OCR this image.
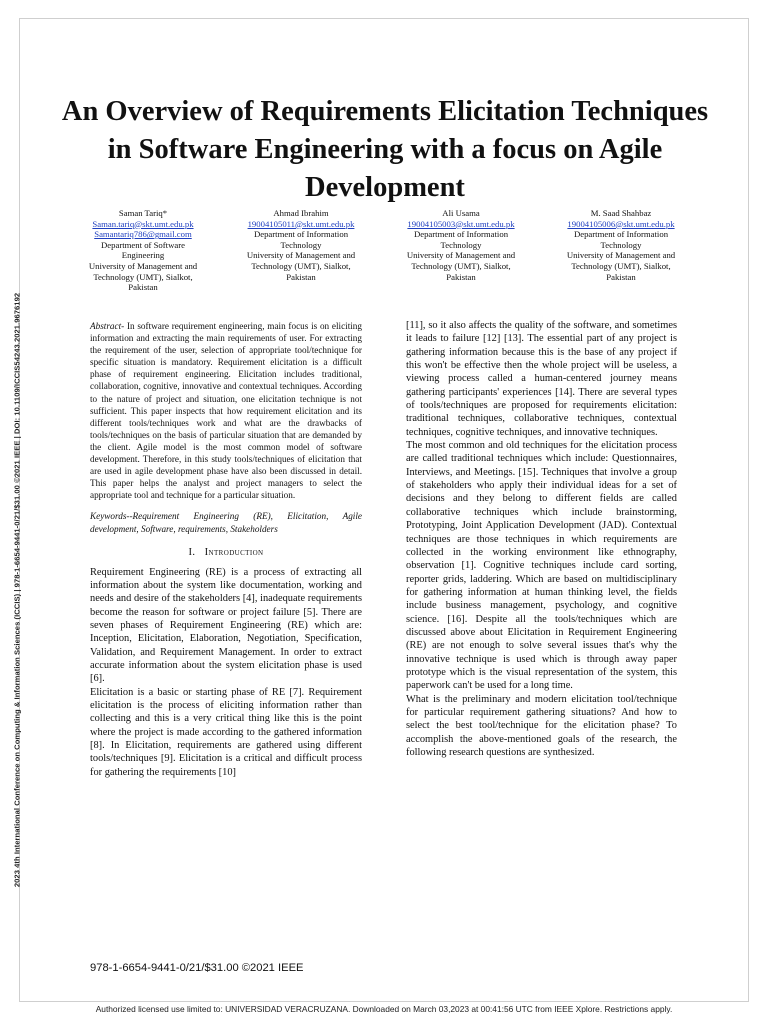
2023 4th International Conference on Computing & Information Sciences (ICCIS) | 978-1-6654-9441-0/21/$31.00 ©2021 IEEE | DOI: 10.1109/ICCIS54243.2021.9676192
An Overview of Requirements Elicitation Techniques in Software Engineering with a focus on Agile Development
Saman Tariq*
Saman.tariq@skt.umt.edu.pk
Samantariq786@gmail.com
Department of Software
Engineering
University of Management and
Technology (UMT), Sialkot,
Pakistan
Ahmad Ibrahim
19004105011@skt.umt.edu.pk
Department of Information
Technology
University of Management and
Technology (UMT), Sialkot,
Pakistan
Ali Usama
19004105003@skt.umt.edu.pk
Department of Information
Technology
University of Management and
Technology (UMT), Sialkot,
Pakistan
M. Saad Shahbaz
19004105006@skt.umt.edu.pk
Department of Information
Technology
University of Management and
Technology (UMT), Sialkot,
Pakistan

Abstract- In software requirement engineering, main focus is on eliciting information and extracting the main requirements of user. For extracting the requirement of the user, selection of appropriate tool/technique for specific situation is mandatory. Requirement elicitation is a difficult phase of requirement engineering. Elicitation includes traditional, collaboration, cognitive, innovative and contextual techniques. According to the nature of project and situation, one elicitation technique is not sufficient. This paper inspects that how requirement elicitation and its different tools/techniques work and what are the drawbacks of tools/techniques on the basis of particular situation that are demanded by the client. Agile model is the most common model of software development. Therefore, in this study tools/techniques of elicitation that are used in agile development phase have also been discussed in detail. This paper helps the analyst and project managers to select the appropriate tool and technique for a particular situation.

Keywords--Requirement Engineering (RE), Elicitation, Agile development, Software, requirements, Stakeholders

I. Introduction

Requirement Engineering (RE) is a process of extracting all information about the system like documentation, working and needs and desire of the stakeholders [4], inadequate requirements become the reason for software or project failure [5]. There are seven phases of Requirement Engineering (RE) which are: Inception, Elicitation, Elaboration, Negotiation, Specification, Validation, and Requirement Management. In order to extract accurate information about the system elicitation phase is used [6].

Elicitation is a basic or starting phase of RE [7]. Requirement elicitation is the process of eliciting information rather than collecting and this is a very critical thing like this is the point where the project is made according to the gathered information [8]. In Elicitation, requirements are gathered using different tools/techniques [9]. Elicitation is a critical and difficult process for gathering the requirements [10]

[11], so it also affects the quality of the software, and sometimes it leads to failure [12] [13]. The essential part of any project is gathering information because this is the base of any project if this won't be effective then the whole project will be useless, a viewing process called a human-centered journey means gathering participants' experiences [14]. There are several types of tools/techniques are proposed for requirements elicitation: traditional techniques, collaborative techniques, contextual techniques, cognitive techniques, and innovative techniques.

The most common and old techniques for the elicitation process are called traditional techniques which include: Questionnaires, Interviews, and Meetings. [15]. Techniques that involve a group of stakeholders who apply their individual ideas for a set of decisions and they belong to different fields are called collaborative techniques which include brainstorming, Prototyping, Joint Application Development (JAD). Contextual techniques are those techniques in which requirements are collected in the working environment like ethnography, observation [1]. Cognitive techniques include card sorting, reporter grids, laddering. Which are based on multidisciplinary for gathering information at human thinking level, the fields include business management, psychology, and cognitive science. [16]. Despite all the tools/techniques which are discussed above about Elicitation in Requirement Engineering (RE) are not enough to solve several issues that's why the innovative technique is used which is through away paper prototype which is the visual representation of the system, this paperwork can't be used for a long time.

What is the preliminary and modern elicitation tool/technique for particular requirement gathering situations? And how to select the best tool/technique for the elicitation phase? To accomplish the above-mentioned goals of the research, the following research questions are synthesized.

978-1-6654-9441-0/21/$31.00 ©2021 IEEE
Authorized licensed use limited to: UNIVERSIDAD VERACRUZANA. Downloaded on March 03,2023 at 00:41:56 UTC from IEEE Xplore. Restrictions apply.
